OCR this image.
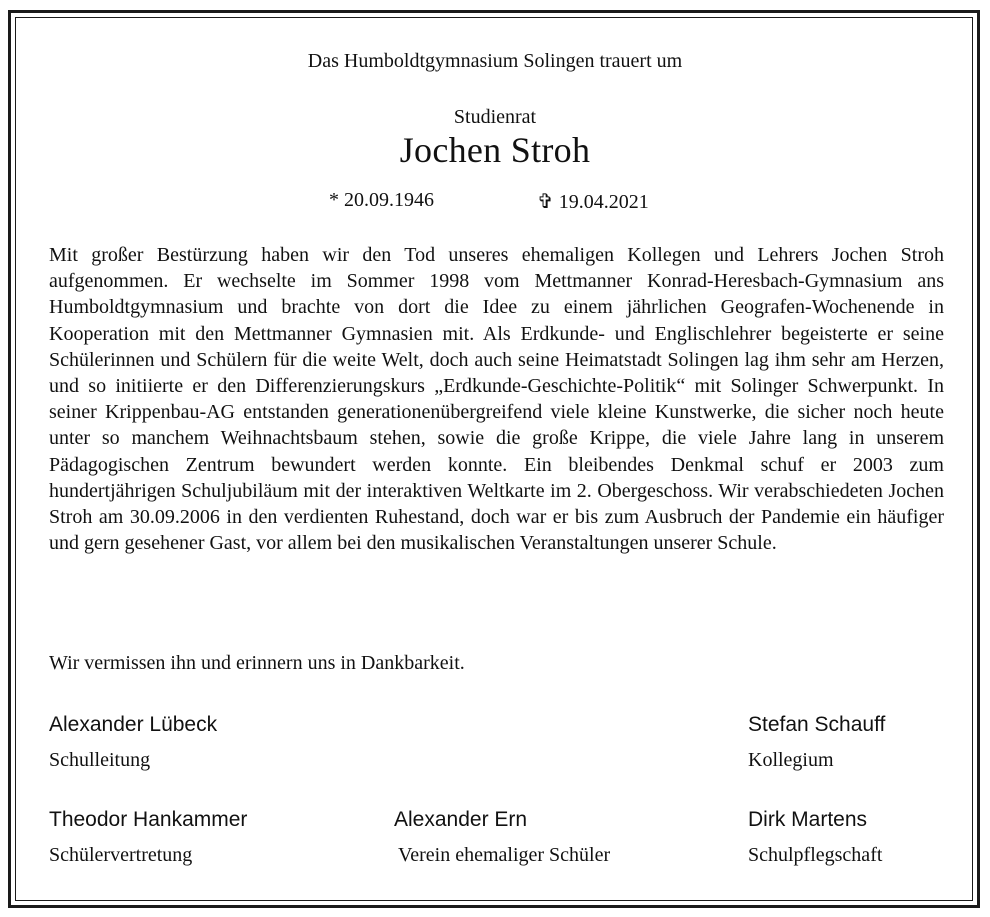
Das Humboldtgymnasium Solingen trauert um
Studienrat
Jochen Stroh
* 20.09.1946	✞ 19.04.2021

Mit großer Bestürzung haben wir den Tod unseres ehemaligen Kollegen und Lehrers Jochen Stroh aufgenommen. Er wechselte im Sommer 1998 vom Mettmanner Konrad-Heresbach-Gymnasium ans Humboldtgymnasium und brachte von dort die Idee zu einem jährlichen Geografen-Wochenende in Kooperation mit den Mettmanner Gymnasien mit. Als Erdkunde- und Englischlehrer begeisterte er seine Schülerinnen und Schülern für die weite Welt, doch auch seine Heimatstadt Solingen lag ihm sehr am Herzen, und so initiierte er den Differenzierungskurs „Erdkunde-Geschichte-Politik“ mit Solinger Schwerpunkt. In seiner Krippenbau-AG entstanden generationenübergreifend viele kleine Kunstwerke, die sicher noch heute unter so manchem Weihnachtsbaum stehen, sowie die große Krippe, die viele Jahre lang in unserem Pädagogischen Zentrum bewundert werden konnte. Ein bleibendes Denkmal schuf er 2003 zum hundertjährigen Schuljubiläum mit der interaktiven Weltkarte im 2. Obergeschoss. Wir verabschiedeten Jochen Stroh am 30.09.2006 in den verdienten Ruhestand, doch war er bis zum Ausbruch der Pandemie ein häufiger und gern gesehener Gast, vor allem bei den musikalischen Veranstaltungen unserer Schule.

Wir vermissen ihn und erinnern uns in Dankbarkeit.

Alexander Lübeck
Schulleitung
Stefan Schauff
Kollegium
Theodor Hankammer
Schülervertretung
Alexander Ern
Verein ehemaliger Schüler
Dirk Martens
Schulpflegschaft
